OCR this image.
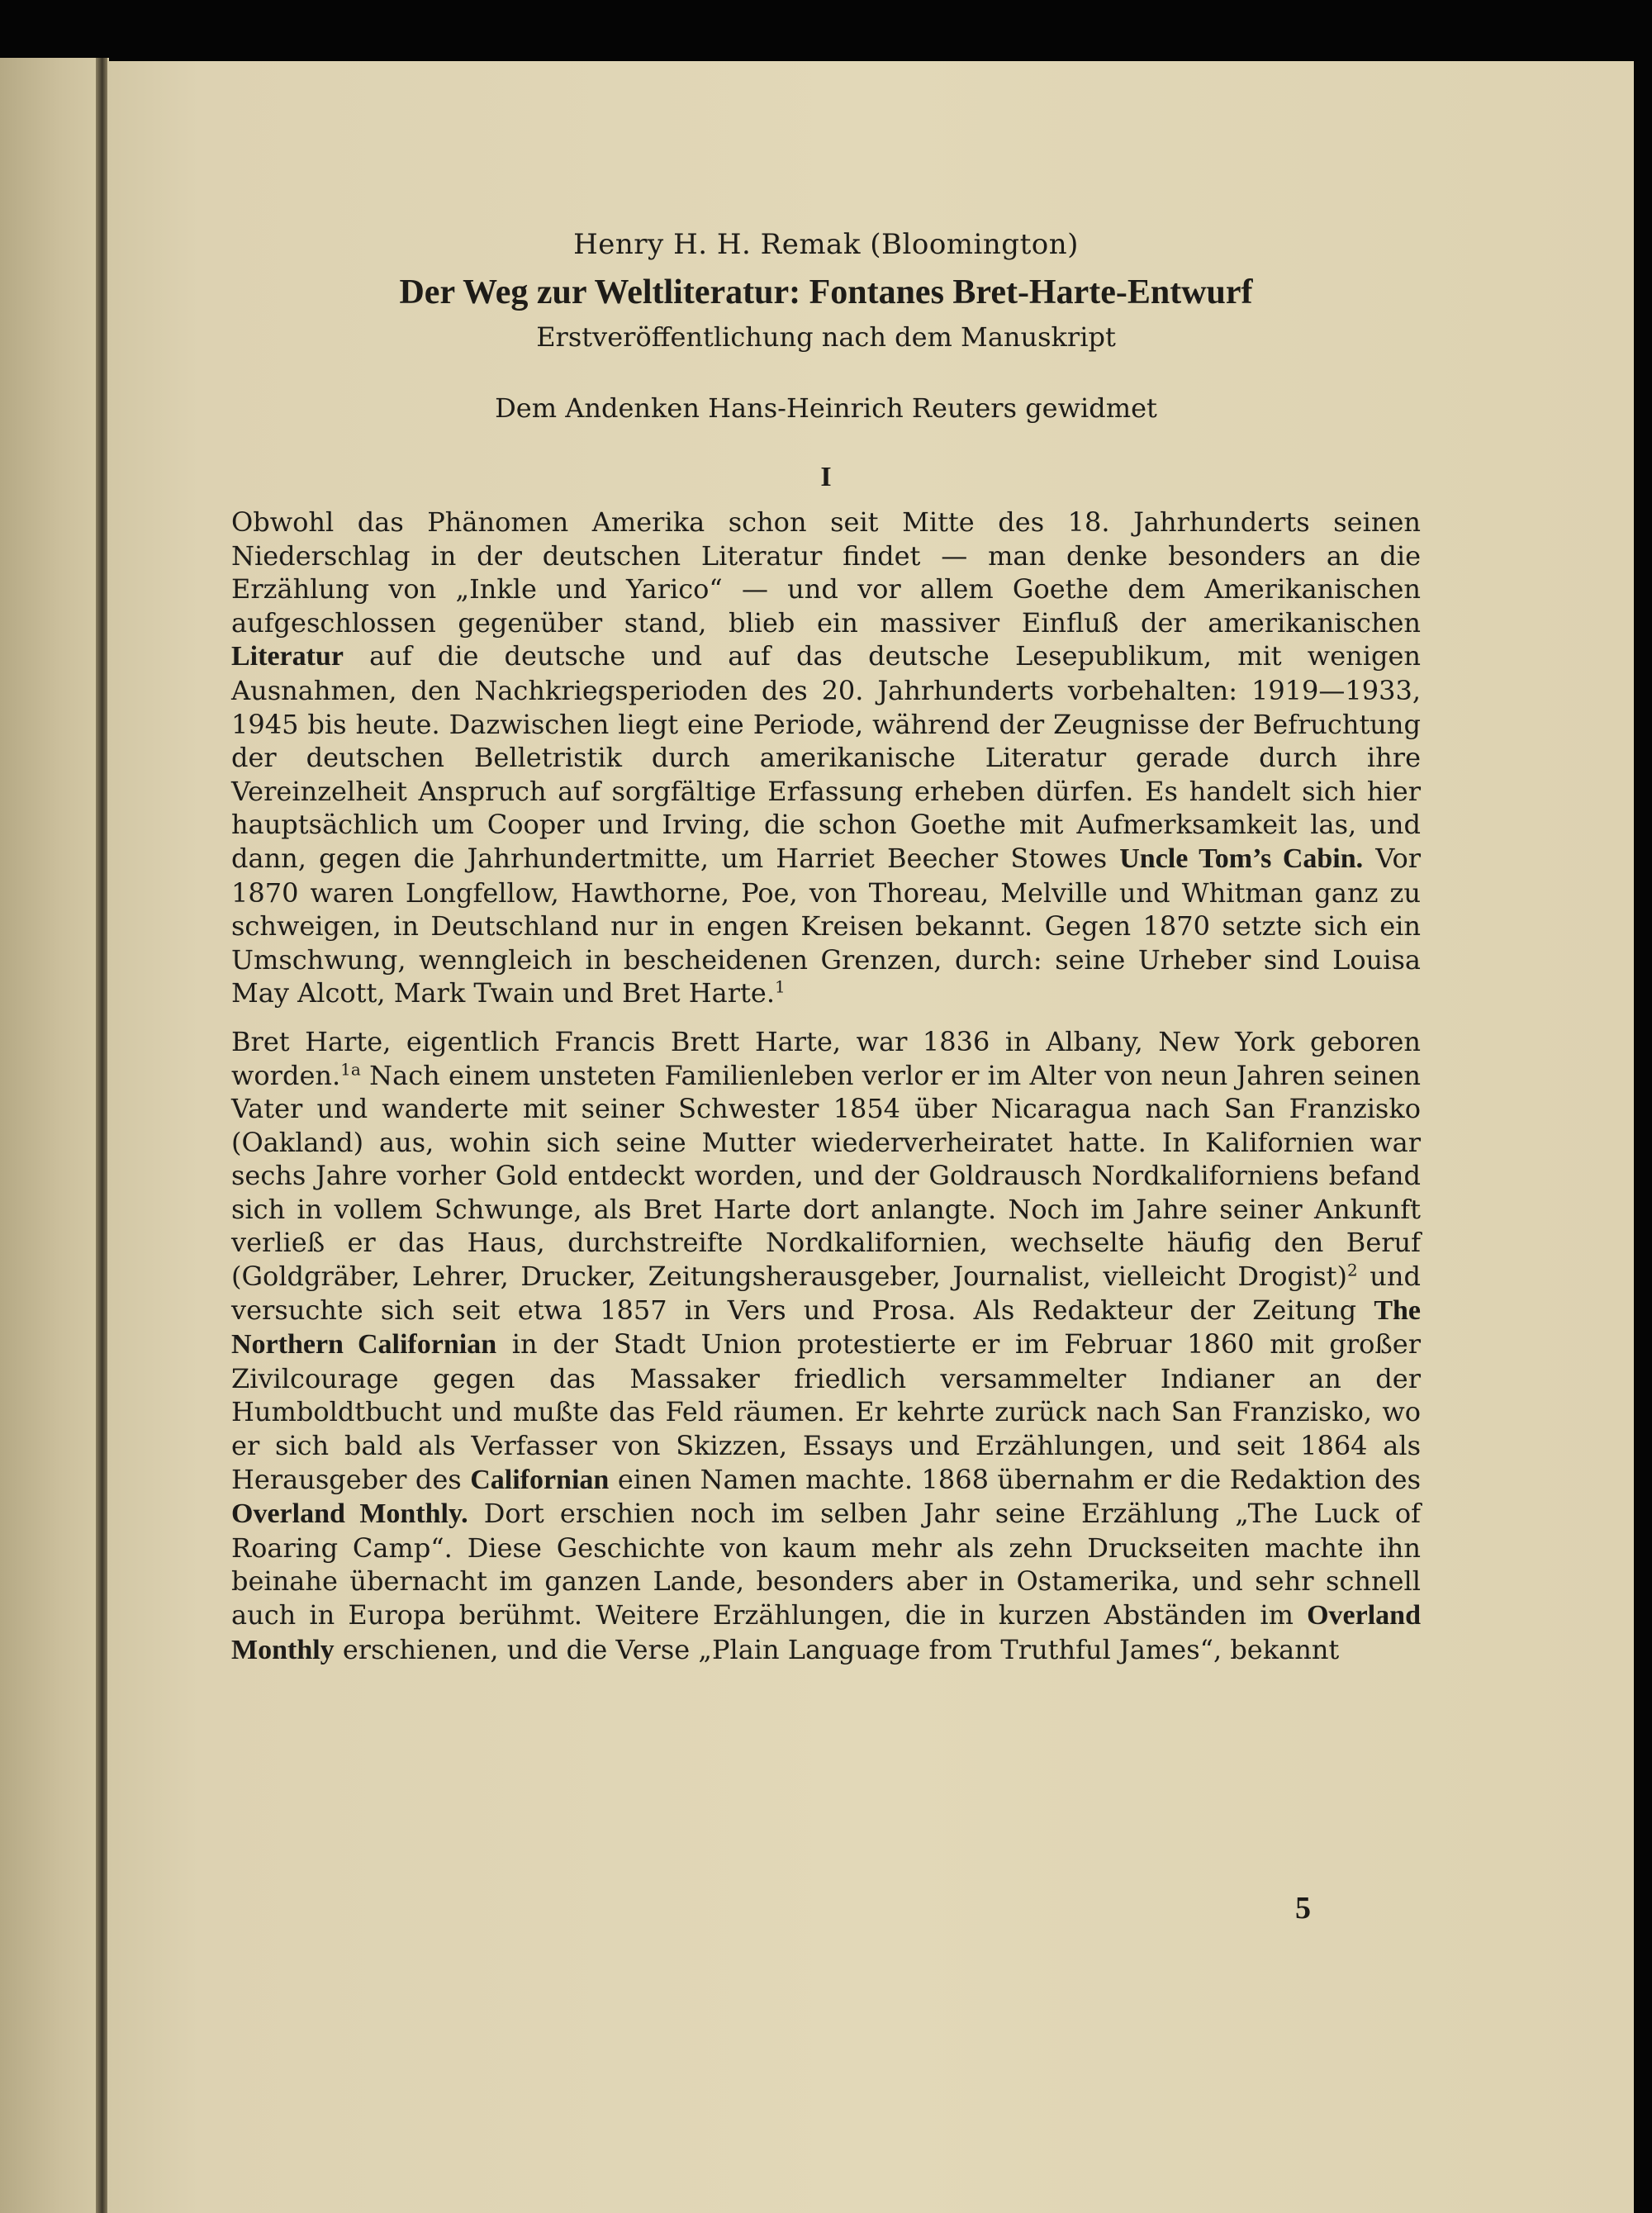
Henry H. H. Remak (Bloomington)

Der Weg zur Weltliteratur: Fontanes Bret-Harte-Entwurf

Erstveröffentlichung nach dem Manuskript

Dem Andenken Hans-Heinrich Reuters gewidmet

I

Obwohl das Phänomen Amerika schon seit Mitte des 18. Jahrhunderts seinen Niederschlag in der deutschen Literatur findet — man denke besonders an die Erzählung von „Inkle und Yarico“ — und vor allem Goethe dem Amerikanischen aufgeschlossen gegenüber stand, blieb ein massiver Einfluß der amerikanischen Literatur auf die deutsche und auf das deutsche Lesepublikum, mit wenigen Ausnahmen, den Nachkriegsperioden des 20. Jahrhunderts vorbehalten: 1919—1933, 1945 bis heute. Dazwischen liegt eine Periode, während der Zeugnisse der Befruchtung der deutschen Belletristik durch amerikanische Literatur gerade durch ihre Vereinzelheit Anspruch auf sorgfältige Erfassung erheben dürfen. Es handelt sich hier hauptsächlich um Cooper und Irving, die schon Goethe mit Aufmerksamkeit las, und dann, gegen die Jahrhundertmitte, um Harriet Beecher Stowes Uncle Tom’s Cabin. Vor 1870 waren Longfellow, Hawthorne, Poe, von Thoreau, Melville und Whitman ganz zu schweigen, in Deutschland nur in engen Kreisen bekannt. Gegen 1870 setzte sich ein Umschwung, wenngleich in bescheidenen Grenzen, durch: seine Urheber sind Louisa May Alcott, Mark Twain und Bret Harte.$^1$

Bret Harte, eigentlich Francis Brett Harte, war 1836 in Albany, New York geboren worden.$^{1a}$ Nach einem unsteten Familienleben verlor er im Alter von neun Jahren seinen Vater und wanderte mit seiner Schwester 1854 über Nicaragua nach San Franzisko (Oakland) aus, wohin sich seine Mutter wiederverheiratet hatte. In Kalifornien war sechs Jahre vorher Gold entdeckt worden, und der Goldrausch Nordkaliforniens befand sich in vollem Schwunge, als Bret Harte dort anlangte. Noch im Jahre seiner Ankunft verließ er das Haus, durchstreifte Nordkalifornien, wechselte häufig den Beruf (Goldgräber, Lehrer, Drucker, Zeitungsherausgeber, Journalist, vielleicht Drogist)$^2$ und versuchte sich seit etwa 1857 in Vers und Prosa. Als Redakteur der Zeitung The Northern Californian in der Stadt Union protestierte er im Februar 1860 mit großer Zivilcourage gegen das Massaker friedlich versammelter Indianer an der Humboldtbucht und mußte das Feld räumen. Er kehrte zurück nach San Franzisko, wo er sich bald als Verfasser von Skizzen, Essays und Erzählungen, und seit 1864 als Herausgeber des Californian einen Namen machte. 1868 übernahm er die Redaktion des Overland Monthly. Dort erschien noch im selben Jahr seine Erzählung „The Luck of Roaring Camp“. Diese Geschichte von kaum mehr als zehn Druckseiten machte ihn beinahe übernacht im ganzen Lande, besonders aber in Ostamerika, und sehr schnell auch in Europa berühmt. Weitere Erzählungen, die in kurzen Abständen im Overland Monthly erschienen, und die Verse „Plain Language from Truthful James“, bekannt

5
